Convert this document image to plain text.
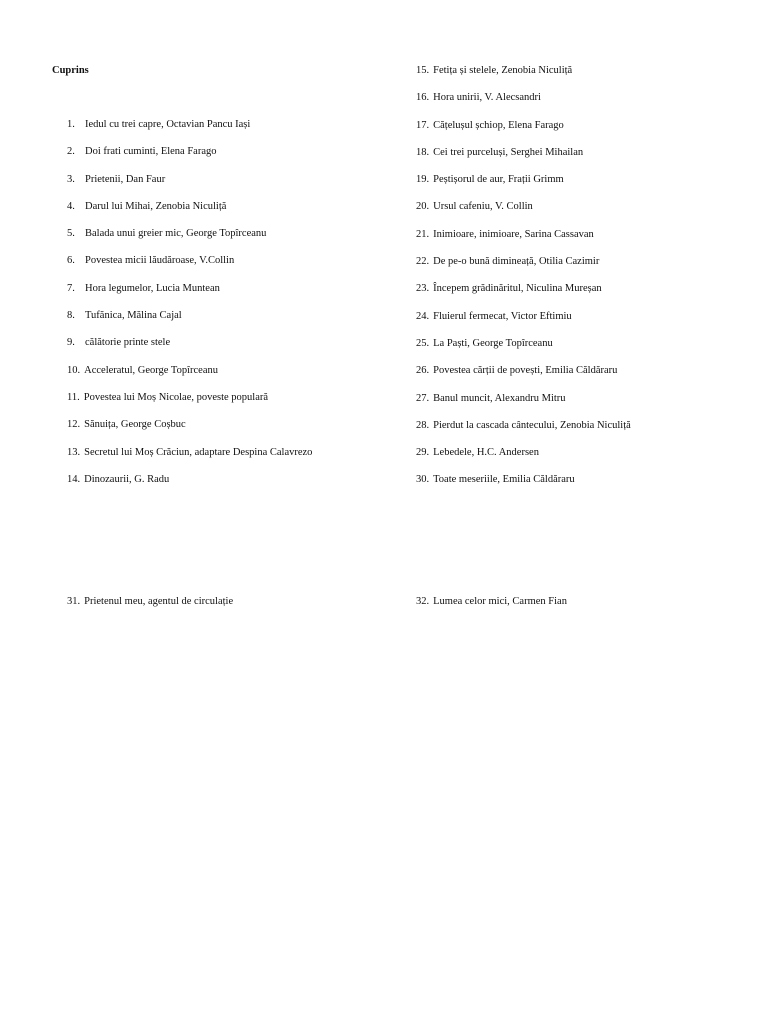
Cuprins
1. Iedul cu trei capre, Octavian Pancu Iași
2. Doi frati cuminti, Elena Farago
3. Prietenii, Dan Faur
4. Darul lui Mihai, Zenobia Niculiță
5. Balada unui greier mic, George Topîrceanu
6. Povestea micii lăudăroase, V.Collin
7. Hora legumelor, Lucia Muntean
8. Tufănica, Mălina Cajal
9. călătorie printe stele
10. Acceleratul, George Topîrceanu
11. Povestea lui Moș Nicolae, poveste populară
12. Sănuița, George Coșbuc
13. Secretul lui Moș Crăciun, adaptare Despina Calavrezo
14. Dinozaurii, G. Radu
15. Fetița și stelele, Zenobia Niculiță
16. Hora unirii, V. Alecsandri
17. Cățelușul șchiop, Elena Farago
18. Cei trei purceluși, Serghei Mihailan
19. Peștișorul de aur, Frații Grimm
20. Ursul cafeniu, V. Collin
21. Inimioare, inimioare, Sarina Cassavan
22. De pe-o bună dimineață, Otilia Cazimir
23. Începem grădinăritul, Niculina Mureșan
24. Fluierul fermecat, Victor Eftimiu
25. La Paști, George Topîrceanu
26. Povestea cărții de povești, Emilia Căldăraru
27. Banul muncit, Alexandru Mitru
28. Pierdut la cascada cântecului, Zenobia Niculiță
29. Lebedele, H.C. Andersen
30. Toate meseriile, Emilia Căldăraru
31. Prietenul meu, agentul de circulație	32. Lumea celor mici, Carmen Fian
